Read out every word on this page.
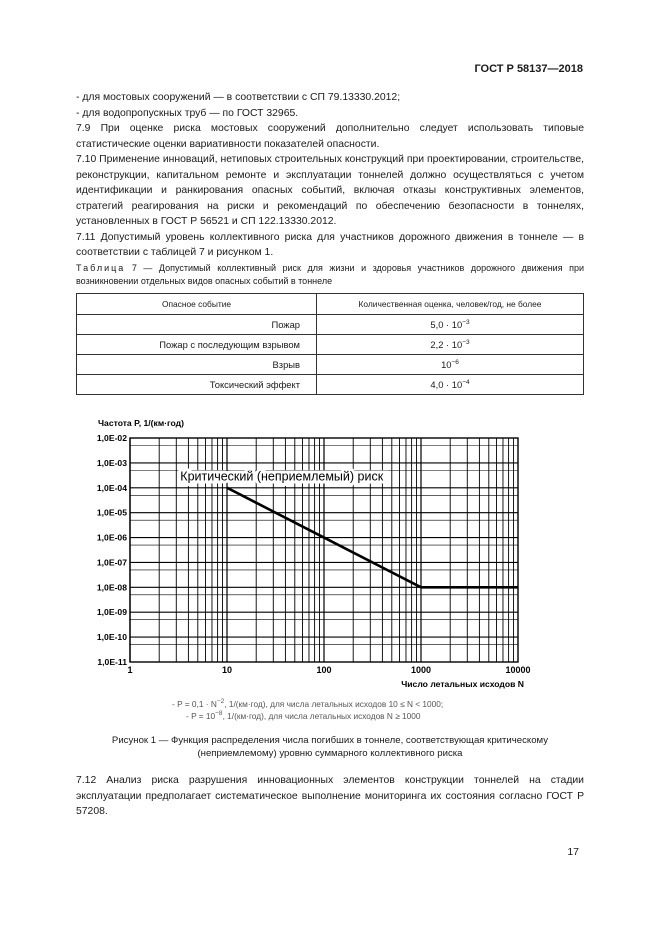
ГОСТ Р 58137—2018

- для мостовых сооружений — в соответствии с СП 79.13330.2012;

- для водопропускных труб — по ГОСТ 32965.

7.9 При оценке риска мостовых сооружений дополнительно следует использовать типовые статистические оценки вариативности показателей опасности.

7.10 Применение инноваций, нетиповых строительных конструкций при проектировании, строительстве, реконструкции, капитальном ремонте и эксплуатации тоннелей должно осуществляться с учетом идентификации и ранкирования опасных событий, включая отказы конструктивных элементов, стратегий реагирования на риски и рекомендаций по обеспечению безопасности в тоннелях, установленных в ГОСТ Р 56521 и СП 122.13330.2012.

7.11 Допустимый уровень коллективного риска для участников дорожного движения в тоннеле — в соответствии с таблицей 7 и рисунком 1.

Таблица 7 — Допустимый коллективный риск для жизни и здоровья участников дорожного движения при возникновении отдельных видов опасных событий в тоннеле
Опасное событие	Количественная оценка, человек/год, не более
Пожар	$5,0 \cdot 10^{-3}$
Пожар с последующим взрывом	$2,2 \cdot 10^{-3}$
Взрыв	$10^{-6}$
Токсический эффект	$4,0 \cdot 10^{-4}$
1,0E-02
1,0E-03
1,0E-04
1,0E-05
1,0E-06
1,0E-07
1,0E-08
1,0E-09
1,0E-10
1,0E-11
1	10	100	1000	10000
Частота P, 1/(км·год)
Число летальных исходов N
Критический (неприемлемый) риск
- $P = 0,1 \cdot N^{-2}$, 1/(км·год), для числа летальных исходов 10 ≤ N < 1000;
- $P = 10^{-8}$, 1/(км·год), для числа летальных исходов N ≥ 1000
Рисунок 1 — Функция распределения числа погибших в тоннеле, соответствующая критическому (неприемлемому) уровню суммарного коллективного риска
7.12 Анализ риска разрушения инновационных элементов конструкции тоннелей на стадии эксплуатации предполагает систематическое выполнение мониторинга их состояния согласно ГОСТ Р 57208.
17
